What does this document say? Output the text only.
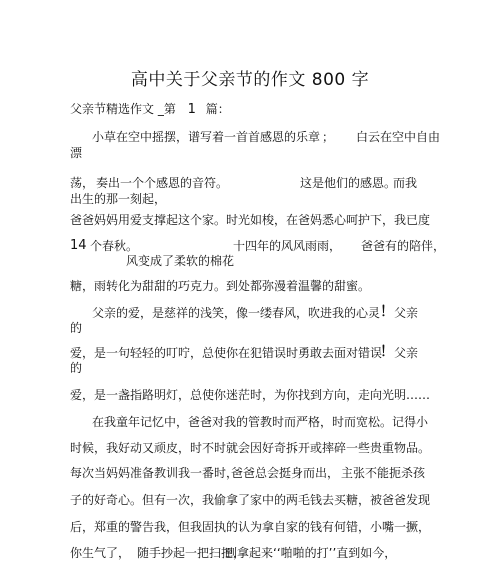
高中关于父亲节的作文 800 字
父亲节精选作文 _第 1 篇：
小草在空中摇摆，谱写着一首首感恩的乐章 ； 白云在空中自由
漂
荡， 奏出一个个感恩的音符。	这是他们的感恩。
而我
出生的那一刻起，
爸爸妈妈用爱支撑起这个家。时光如梭，在爸妈悉心呵护下，我已度
14 个春秋。	十四年的风风雨雨， 爸爸有的陪伴，
风变成了柔软的棉花
糖，雨转化为甜甜的巧克力。到处都弥漫着温馨的甜蜜。
父亲的爱，是慈祥的浅笑，像一缕春风，吹进我的心灵 ！ 父亲
的
爱，是一句轻轻的叮咛，总使你在犯错误时勇敢去面对错误
！ 父亲
的
爱，是一盏指路明灯，总使你迷茫时，为你找到方向，走向光明……
在我童年记忆中，爸爸对我的管教时而严格，时而宽松。记得小
时候，我好动又顽皮，时不时就会因好奇拆开或摔碎一些贵重物品。
每次当妈妈准备教训我一番时，
爸爸总会挺身而出， 主张不能扼杀孩
子的好奇心。但有一次，我偷拿了家中的两毛钱去买糖，被爸爸发现
后，郑重的警告我，但我固执的认为拿自家的钱有何错，小嘴一撅，
你生气了， 随手抄起一把扫把，
到拿起来‘‘啪啪的打’’直到如今，
